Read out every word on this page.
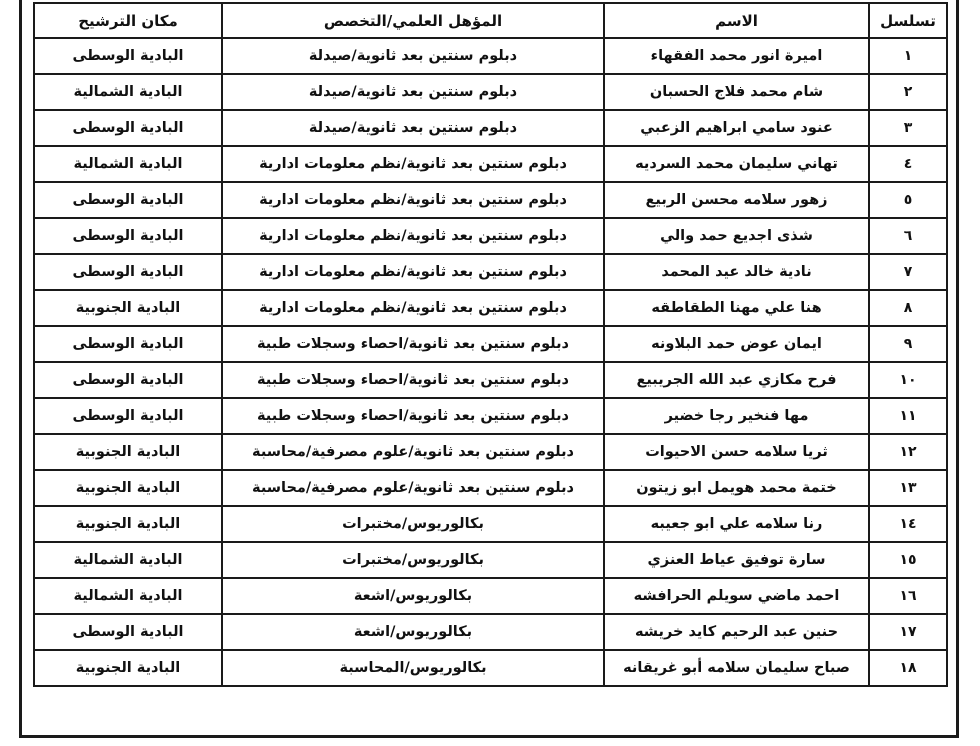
تسلسل	الاسم	المؤهل العلمي/التخصص	مكان الترشيح
١	اميرة انور محمد الفقهاء	دبلوم سنتين بعد ثانوية/صيدلة	البادية الوسطى
٢	شام محمد فلاج الحسبان	دبلوم سنتين بعد ثانوية/صيدلة	البادية الشمالية
٣	عنود سامي ابراهيم الزعبي	دبلوم سنتين بعد ثانوية/صيدلة	البادية الوسطى
٤	تهاني سليمان محمد السرديه	دبلوم سنتين بعد ثانوية/نظم معلومات ادارية	البادية الشمالية
٥	زهور سلامه محسن الربيع	دبلوم سنتين بعد ثانوية/نظم معلومات ادارية	البادية الوسطى
٦	شذى اجديع حمد والي	دبلوم سنتين بعد ثانوية/نظم معلومات ادارية	البادية الوسطى
٧	نادية خالد عيد المحمد	دبلوم سنتين بعد ثانوية/نظم معلومات ادارية	البادية الوسطى
٨	هنا علي مهنا الطقاطقه	دبلوم سنتين بعد ثانوية/نظم معلومات ادارية	البادية الجنوبية
٩	ايمان عوض حمد البلاونه	دبلوم سنتين بعد ثانوية/احصاء وسجلات طبية	البادية الوسطى
١٠	فرح مكازي عبد الله الجريبيع	دبلوم سنتين بعد ثانوية/احصاء وسجلات طبية	البادية الوسطى
١١	مها فنخير رجا خضير	دبلوم سنتين بعد ثانوية/احصاء وسجلات طبية	البادية الوسطى
١٢	ثريا سلامه حسن الاحيوات	دبلوم سنتين بعد ثانوية/علوم مصرفية/محاسبة	البادية الجنوبية
١٣	ختمة محمد هويمل ابو زيتون	دبلوم سنتين بعد ثانوية/علوم مصرفية/محاسبة	البادية الجنوبية
١٤	رنا سلامه علي ابو جعيبه	بكالوريوس/مختبرات	البادية الجنوبية
١٥	سارة توفيق عياط العنزي	بكالوريوس/مختبرات	البادية الشمالية
١٦	احمد ماضي سويلم الحرافشه	بكالوريوس/اشعة	البادية الشمالية
١٧	حنين عبد الرحيم كايد خريشه	بكالوريوس/اشعة	البادية الوسطى
١٨	صباح سليمان سلامه أبو غريقانه	بكالوريوس/المحاسبة	البادية الجنوبية
